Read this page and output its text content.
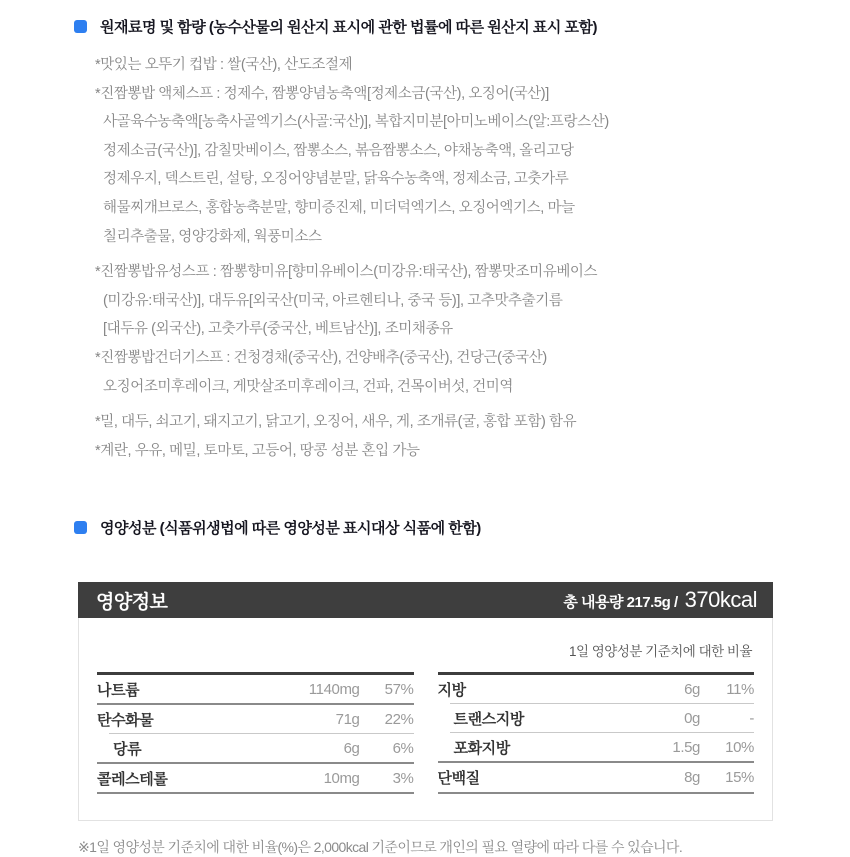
원재료명 및 함량 (농수산물의 원산지 표시에 관한 법률에 따른 원산지 표시 포함)
*맛있는 오뚜기 컵밥 : 쌀(국산), 산도조절제
*진짬뽕밥 액체스프 : 정제수, 짬뽕양념농축액[정제소금(국산), 오징어(국산)]
사골육수농축액[농축사골엑기스(사골:국산)], 복합지미분[아미노베이스(알:프랑스산)
정제소금(국산)], 감칠맛베이스, 짬뽕소스, 볶음짬뽕소스, 야채농축액, 올리고당
정제우지, 덱스트린, 설탕, 오징어양념분말, 닭육수농축액, 정제소금, 고춧가루
해물찌개브로스, 홍합농축분말, 향미증진제, 미더덕엑기스, 오징어엑기스, 마늘
칠리추출물, 영양강화제, 웍풍미소스
*진짬뽕밥유성스프 : 짬뽕향미유[향미유베이스(미강유:태국산), 짬뽕맛조미유베이스
(미강유:태국산)], 대두유[외국산(미국, 아르헨티나, 중국 등)], 고추맛추출기름
[대두유 (외국산), 고춧가루(중국산, 베트남산)], 조미채종유
*진짬뽕밥건더기스프 : 건청경채(중국산), 건양배추(중국산), 건당근(중국산)
오징어조미후레이크, 게맛살조미후레이크, 건파, 건목이버섯, 건미역
*밀, 대두, 쇠고기, 돼지고기, 닭고기, 오징어, 새우, 게, 조개류(굴, 홍합 포함) 함유
*계란, 우유, 메밀, 토마토, 고등어, 땅콩 성분 혼입 가능
영양성분 (식품위생법에 따른 영양성분 표시대상 식품에 한함)
영양정보	총 내용량 217.5g / 370kcal
1일 영양성분 기준치에 대한 비율
나트륨	1140mg	57%
탄수화물	71g	22%
당류	6g	6%
콜레스테롤	10mg	3%
지방	6g	11%
트랜스지방	0g	-
포화지방	1.5g	10%
단백질	8g	15%
※1일 영양성분 기준치에 대한 비율(%)은 2,000kcal 기준이므로 개인의 필요 열량에 따라 다를 수 있습니다.
